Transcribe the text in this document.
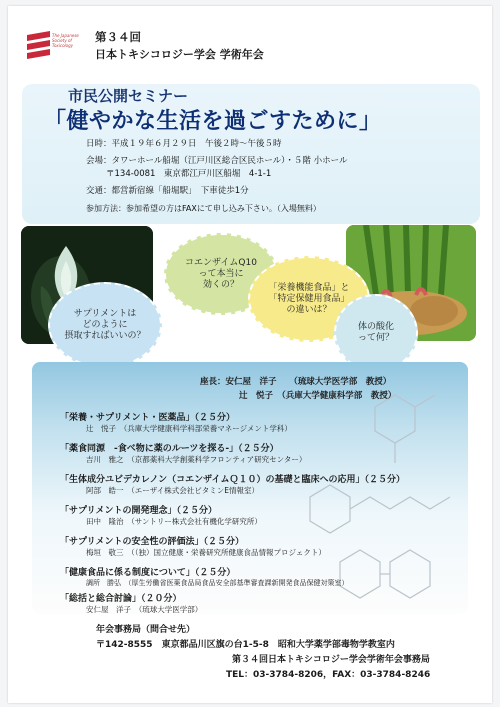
The Japanese Society of Toxicology
第３４回
日本トキシコロジー学会 学術年会
市民公開セミナー
「健やかな生活を過ごすために」
日時：平成１９年６月２９日　午後２時～午後５時
会場：タワーホール船堀（江戸川区総合区民ホール）・５階 小ホール
〒134-0081　東京都江戸川区船堀　4-1-1
交通：都営新宿線「船堀駅」　下車徒歩1分
参加方法：参加希望の方はFAXにて申し込み下さい。（入場無料）
サプリメントは
どのように
摂取すればいいの？
コエンザイムQ10
って本当に
効くの？	「栄養機能食品」と
「特定保健用食品」
の違いは？
体の酸化
って何？
座長：安仁屋　洋子　　（琉球大学医学部　教授）
辻　悦子　（兵庫大学健康科学部　教授）
「栄養・サプリメント・医薬品」（２５分）
辻　悦子　（兵庫大学健康科学科部栄養マネージメント学科）
「薬食同源　-食べ物に薬のルーツを探る-」（２５分）
吉川　雅之　（京都薬科大学創薬科学フロンティア研究センター）
「生体成分ユビデカレノン（コエンザイムＱ１０）の基礎と臨床への応用」（２５分）
阿部　皓一　（エーザイ株式会社ビタミンE情報室）
「サプリメントの開発理念」（２５分）
田中　隆治　（サントリー株式会社有機化学研究所）
「サプリメントの安全性の評価法」（２５分）
梅垣　敬三　（（独）国立健康・栄養研究所健康食品情報プロジェクト）
「健康食品に係る制度について」（２５分）
調所　勝弘　（厚生労働省医薬食品局食品安全部基準審査課新開発食品保健対策室）
「総括と総合討論」（２０分）
安仁屋　洋子　（琉球大学医学部）
年会事務局（問合せ先）
〒142-8555　東京都品川区旗の台1-5-8　昭和大学薬学部毒物学教室内
第３４回日本トキシコロジー学会学術年会事務局
TEL：03-3784-8206，FAX：03-3784-8246
